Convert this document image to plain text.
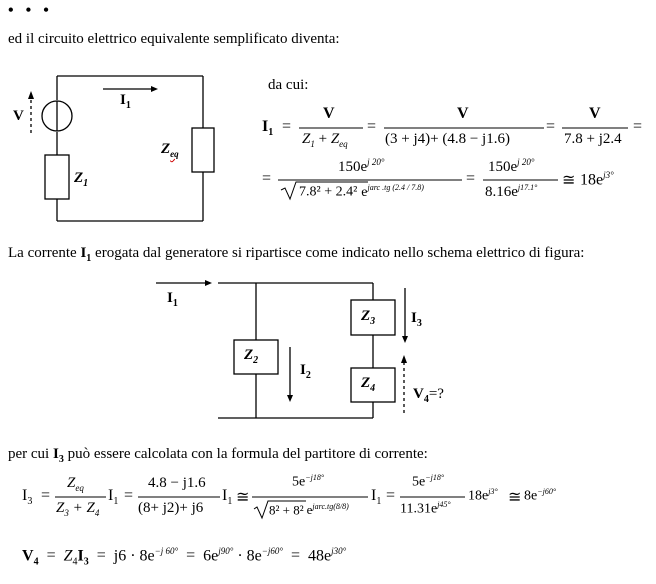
• • •
ed il circuito elettrico equivalente semplificato diventa:
V
$I_1$
$Z_1$
$Z_{eq}$
da cui:
$I_1$ =
V
$Z_1 + Z_{eq}$
=
V
(3 + j4)+ (4.8 − j1.6)
=
V
7.8 + j2.4
=
=
$150e^{j 20^\circ}$
7.8² + 2.4² $e^{jarc .tg (2.4 / 7.8)}$
=
$150e^{j 20^\circ}$
$8.16e^{j17.1^\circ}$ ≅ $18e^{j3^\circ}$
La corrente $I_1$ erogata dal generatore si ripartisce come indicato nello schema elettrico di figura:
$I_1$
$Z_2$
$I_2$
$Z_3$ $I_3$
$Z_4$	$V_4=$?
per cui $I_3$ può essere calcolata con la formula del partitore di corrente:
$I_3$ =
$Z_{eq}$
$Z_3 + Z_4$
$I_1$ =
4.8 − j1.6
(8+ j2)+ j6
$I_1$ ≅
$5e^{-j18^\circ}$
8² + 8² $e^{jarc.tg(8/8)}$
$I_1$ =
$5e^{-j18^\circ}$
$11.31e^{j45^\circ}$
$18e^{j3^\circ}$ ≅ $8e^{-j60^\circ}$
$V_4 = Z_4I_3 = j6 \cdot 8e^{-j 60^\circ} = 6e^{j90^\circ} \cdot 8e^{-j60^\circ} = 48e^{j30^\circ}$
